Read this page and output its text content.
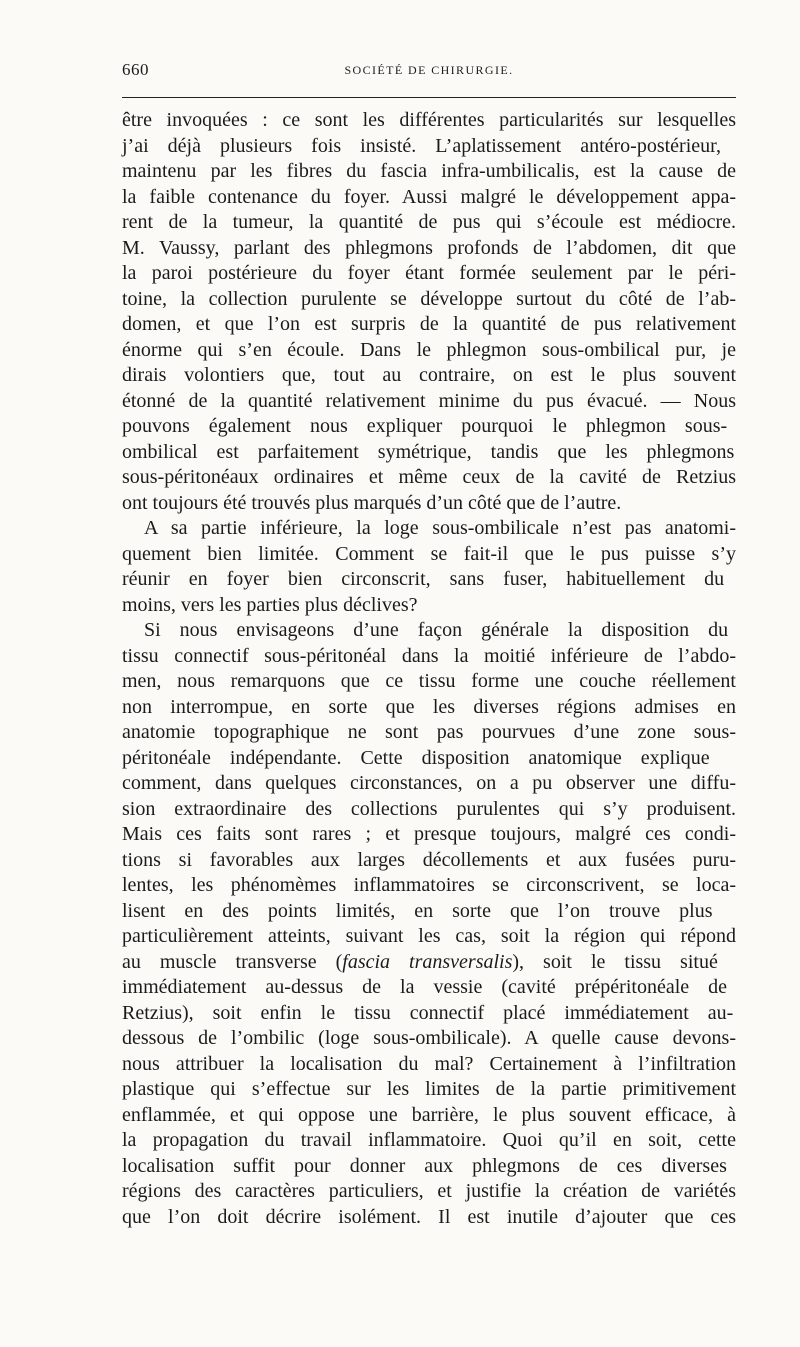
660	SOCIÉTÉ DE CHIRURGIE.
être invoquées : ce sont les différentes particularités sur lesquelles
j’ai déjà plusieurs fois insisté. L’aplatissement antéro-postérieur,
maintenu par les fibres du fascia infra-umbilicalis, est la cause de
la faible contenance du foyer. Aussi malgré le développement appa-
rent de la tumeur, la quantité de pus qui s’écoule est médiocre.
M. Vaussy, parlant des phlegmons profonds de l’abdomen, dit que
la paroi postérieure du foyer étant formée seulement par le péri-
toine, la collection purulente se développe surtout du côté de l’ab-
domen, et que l’on est surpris de la quantité de pus relativement
énorme qui s’en écoule. Dans le phlegmon sous-ombilical pur, je
dirais volontiers que, tout au contraire, on est le plus souvent
étonné de la quantité relativement minime du pus évacué. — Nous
pouvons également nous expliquer pourquoi le phlegmon sous-
ombilical est parfaitement symétrique, tandis que les phlegmons
sous-péritonéaux ordinaires et même ceux de la cavité de Retzius
ont toujours été trouvés plus marqués d’un côté que de l’autre.
A sa partie inférieure, la loge sous-ombilicale n’est pas anatomi-
quement bien limitée. Comment se fait-il que le pus puisse s’y
réunir en foyer bien circonscrit, sans fuser, habituellement du
moins, vers les parties plus déclives?
Si nous envisageons d’une façon générale la disposition du
tissu connectif sous-péritonéal dans la moitié inférieure de l’abdo-
men, nous remarquons que ce tissu forme une couche réellement
non interrompue, en sorte que les diverses régions admises en
anatomie topographique ne sont pas pourvues d’une zone sous-
péritonéale indépendante. Cette disposition anatomique explique
comment, dans quelques circonstances, on a pu observer une diffu-
sion extraordinaire des collections purulentes qui s’y produisent.
Mais ces faits sont rares ; et presque toujours, malgré ces condi-
tions si favorables aux larges décollements et aux fusées puru-
lentes, les phénomèmes inflammatoires se circonscrivent, se loca-
lisent en des points limités, en sorte que l’on trouve plus
particulièrement atteints, suivant les cas, soit la région qui répond
au muscle transverse (fascia transversalis), soit le tissu situé
immédiatement au-dessus de la vessie (cavité prépéritonéale de
Retzius), soit enfin le tissu connectif placé immédiatement au-
dessous de l’ombilic (loge sous-ombilicale). A quelle cause devons-
nous attribuer la localisation du mal? Certainement à l’infiltration
plastique qui s’effectue sur les limites de la partie primitivement
enflammée, et qui oppose une barrière, le plus souvent efficace, à
la propagation du travail inflammatoire. Quoi qu’il en soit, cette
localisation suffit pour donner aux phlegmons de ces diverses
régions des caractères particuliers, et justifie la création de variétés
que l’on doit décrire isolément. Il est inutile d’ajouter que ces
